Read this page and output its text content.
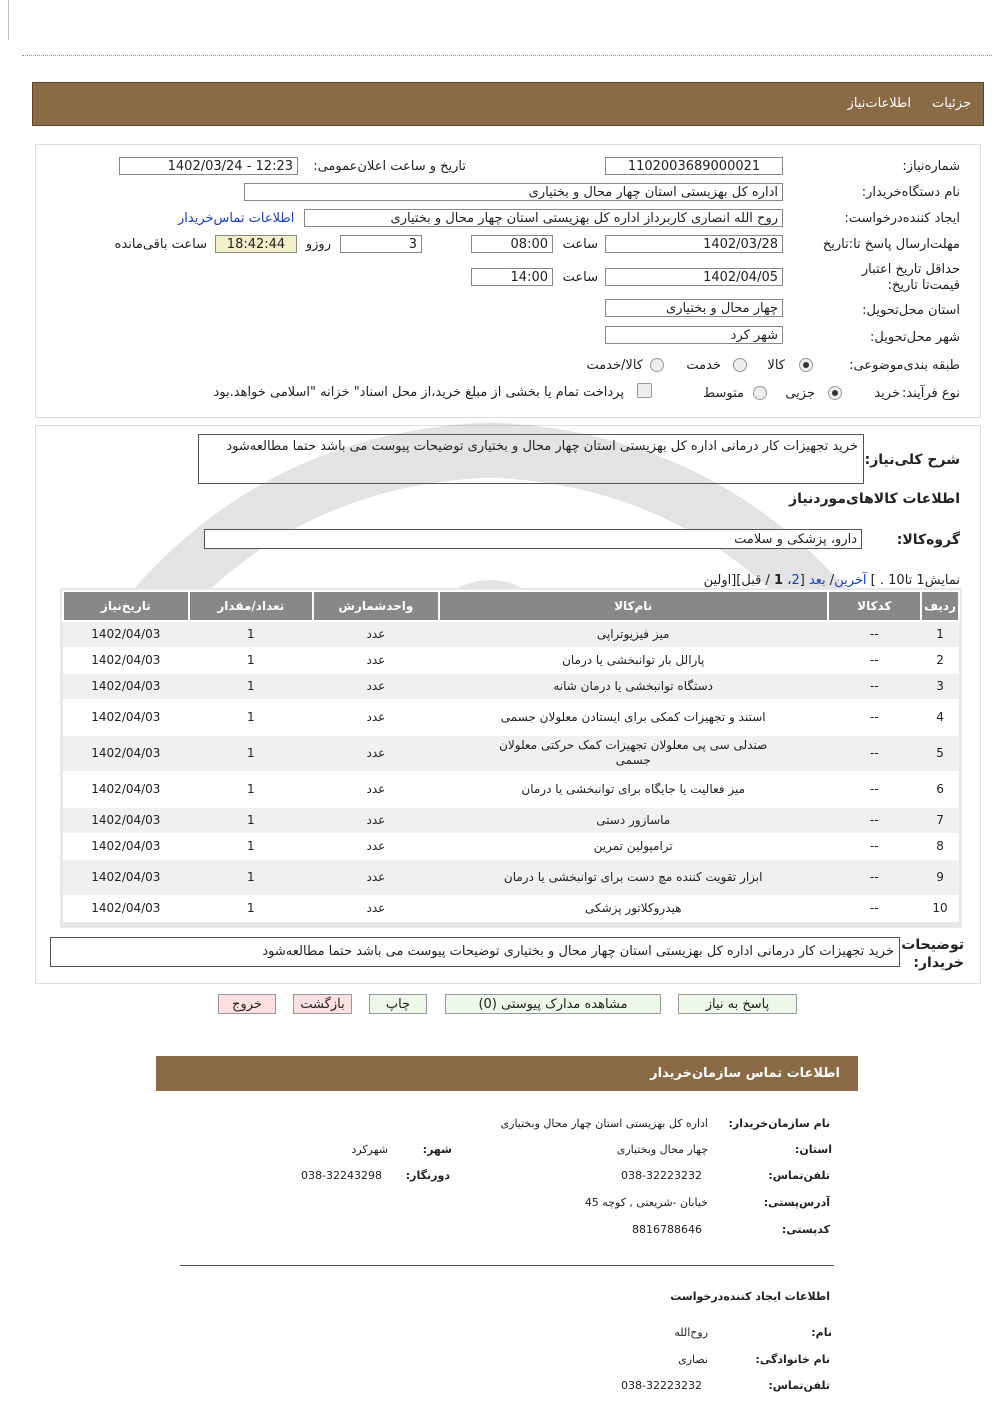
جزئیات
اطلاعات‌نیاز
شماره‌نیاز:
1102003689000021
تاریخ و ساعت اعلان‌عمومی:
1402/03/24 - 12:23
نام دستگاه‌خریدار:
اداره کل بهزیستی استان چهار محال و بختیاری
ایجاد کننده‌درخواست:
روح الله انصاری کاربرداز اداره کل بهزیستی استان چهار محال و بختیاری
اطلاعات تماس‌خریدار
مهلت‌ارسال پاسخ تا:تاریخ
1402/03/28
ساعت
08:00
3
روزو
18:42:44
ساعت باقی‌مانده
حداقل تاریخ اعتبار قیمت‌تا تاریخ:
1402/04/05
ساعت
14:00
استان محل‌تحویل:
چهار محال و بختیاری
شهر محل‌تحویل:
شهر کرد
طبقه بندی‌موضوعی:
کالا
خدمت
کالا/خدمت
نوع فرآیند:
خرید
جزیی
متوسط
پرداخت تمام یا بخشی از مبلغ خرید،از محل اسناد" خزانه "اسلامی خواهد.بود
شرح کلی‌نیاز:
خرید تجهیزات کار درمانی اداره کل بهزیستی استان چهار محال و بختیاری توضیحات پیوست می باشد حتما مطالعه‌شود
اطلاعات کالاهای‌موردنیاز
گروه‌کالا:
دارو، پزشکی و سلامت
نمایش1 تا10 . ] آخرین/ بعد [2، 1 / قبل][اولین
ردیف	کدکالا	نام‌کالا	واحدشمارش	تعداد/مقدار	تاریخ‌نیاز
1	--	میز فیزیوتراپی	عدد	1	1402/04/03
2	--	پارالل بار توانبخشی یا درمان	عدد	1	1402/04/03
3	--	دستگاه توانبخشی یا درمان شانه	عدد	1	1402/04/03
4	--	استند و تجهیزات کمکی برای ایستادن معلولان جسمی	عدد	1	1402/04/03
5	--	صندلی سی پی معلولان تجهیزات کمک حرکتی معلولان جسمی	عدد	1	1402/04/03
6	--	میز فعالیت یا جایگاه برای توانبخشی یا درمان	عدد	1	1402/04/03
7	--	ماسازور دستی	عدد	1	1402/04/03
8	--	ترامپولین تمرین	عدد	1	1402/04/03
9	--	ابزار تقویت کننده مچ دست برای توانبخشی یا درمان	عدد	1	1402/04/03
10	--	هیدروکلاتور پزشکی	عدد	1	1402/04/03
توضیحات خریدار:
خرید تجهیزات کار درمانی اداره کل بهزیستی استان چهار محال و بختیاری توضیحات پیوست می باشد حتما مطالعه‌شود
پاسخ به نیاز
مشاهده مدارک پیوستی (0)
چاپ
بازگشت
خروج
اطلاعات تماس سازمان‌خریدار
نام سازمان‌خریدار:
اداره کل بهزیستی استان چهار محال وبختیاری
استان:
چهار محال وبختیاری
شهر:
شهرکرد
تلفن‌تماس:
038-32223232
دورنگار:
038-32243298
آدرس‌پستی:
خیابان -شریعتی , کوچه 45
کدپستی:
8816788646
اطلاعات ایجاد کننده‌درخواست
نام:
روح‌الله
نام خانوادگی:
نصاری
تلفن‌تماس:
038-32223232
